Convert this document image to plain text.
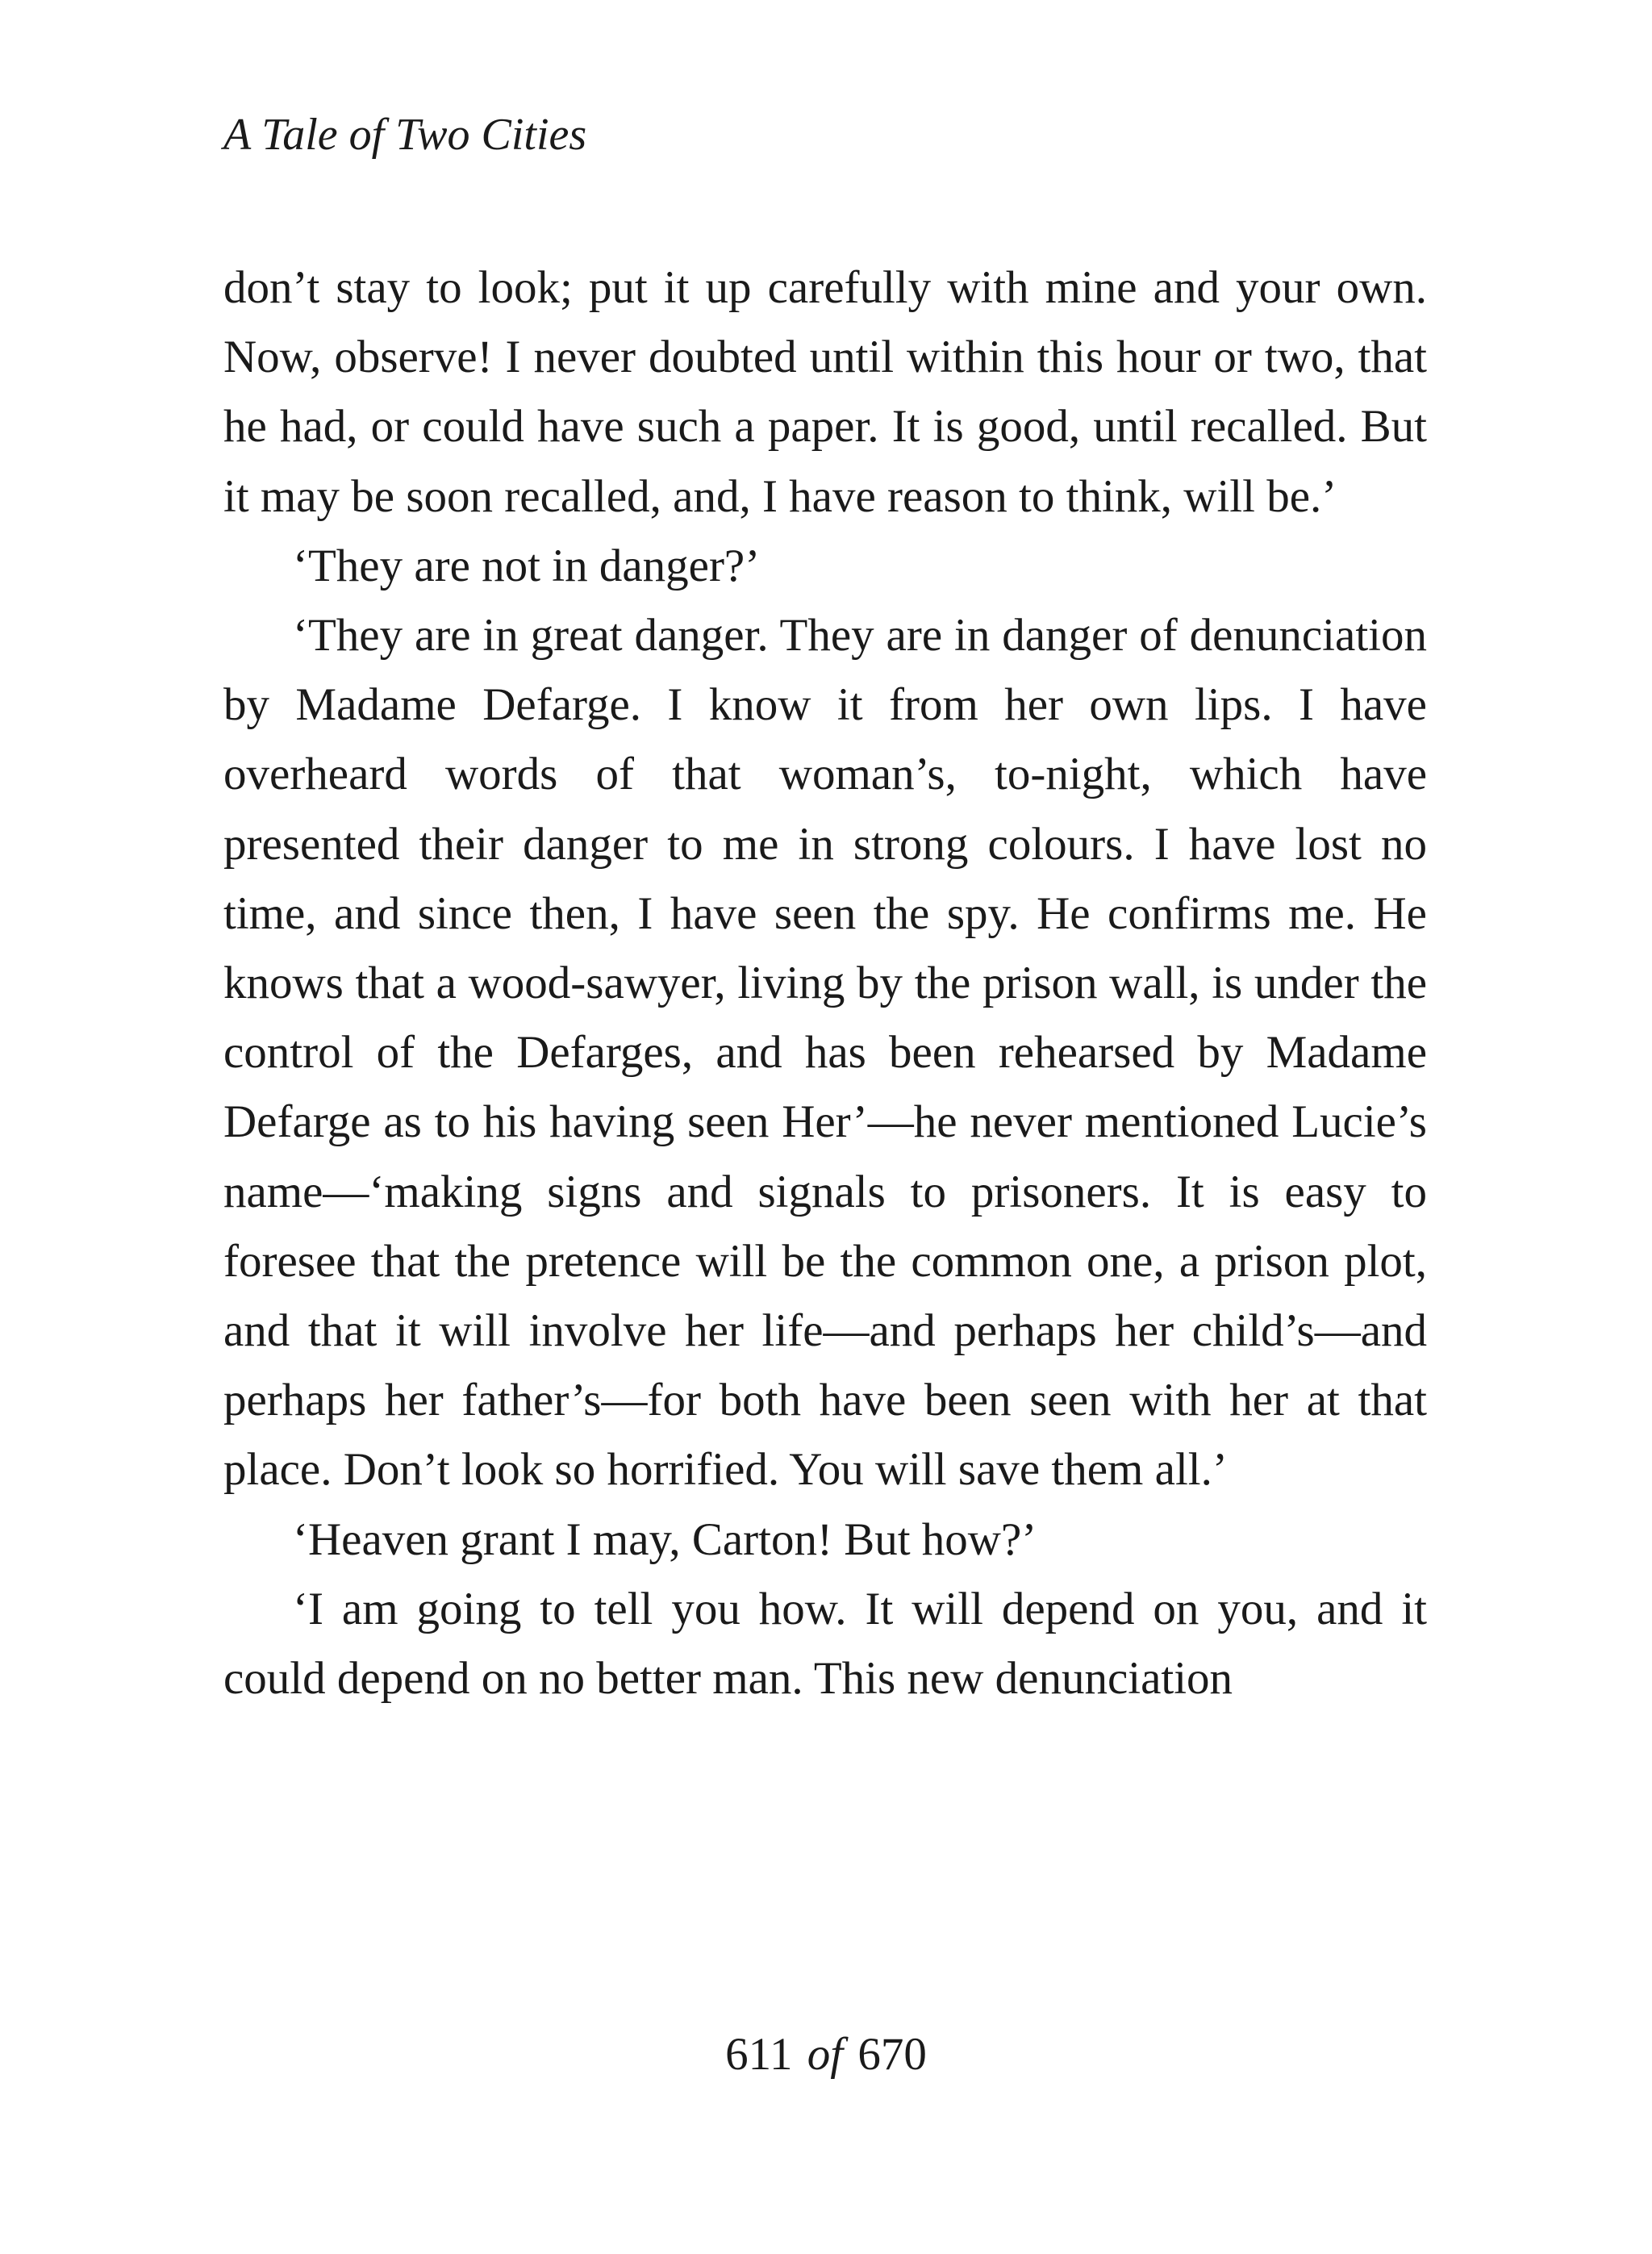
A Tale of Two Cities

don’t stay to look; put it up carefully with mine and your own. Now, observe! I never doubted until within this hour or two, that he had, or could have such a paper. It is good, until recalled. But it may be soon recalled, and, I have reason to think, will be.’

‘They are not in danger?’

‘They are in great danger. They are in danger of denunciation by Madame Defarge. I know it from her own lips. I have overheard words of that woman’s, to-night, which have presented their danger to me in strong colours. I have lost no time, and since then, I have seen the spy. He confirms me. He knows that a wood-sawyer, living by the prison wall, is under the control of the Defarges, and has been rehearsed by Madame Defarge as to his having seen Her’—he never mentioned Lucie’s name—‘making signs and signals to prisoners. It is easy to foresee that the pretence will be the common one, a prison plot, and that it will involve her life—and perhaps her child’s—and perhaps her father’s—for both have been seen with her at that place. Don’t look so horrified. You will save them all.’

‘Heaven grant I may, Carton! But how?’

‘I am going to tell you how. It will depend on you, and it could depend on no better man. This new denunciation

611 of 670
